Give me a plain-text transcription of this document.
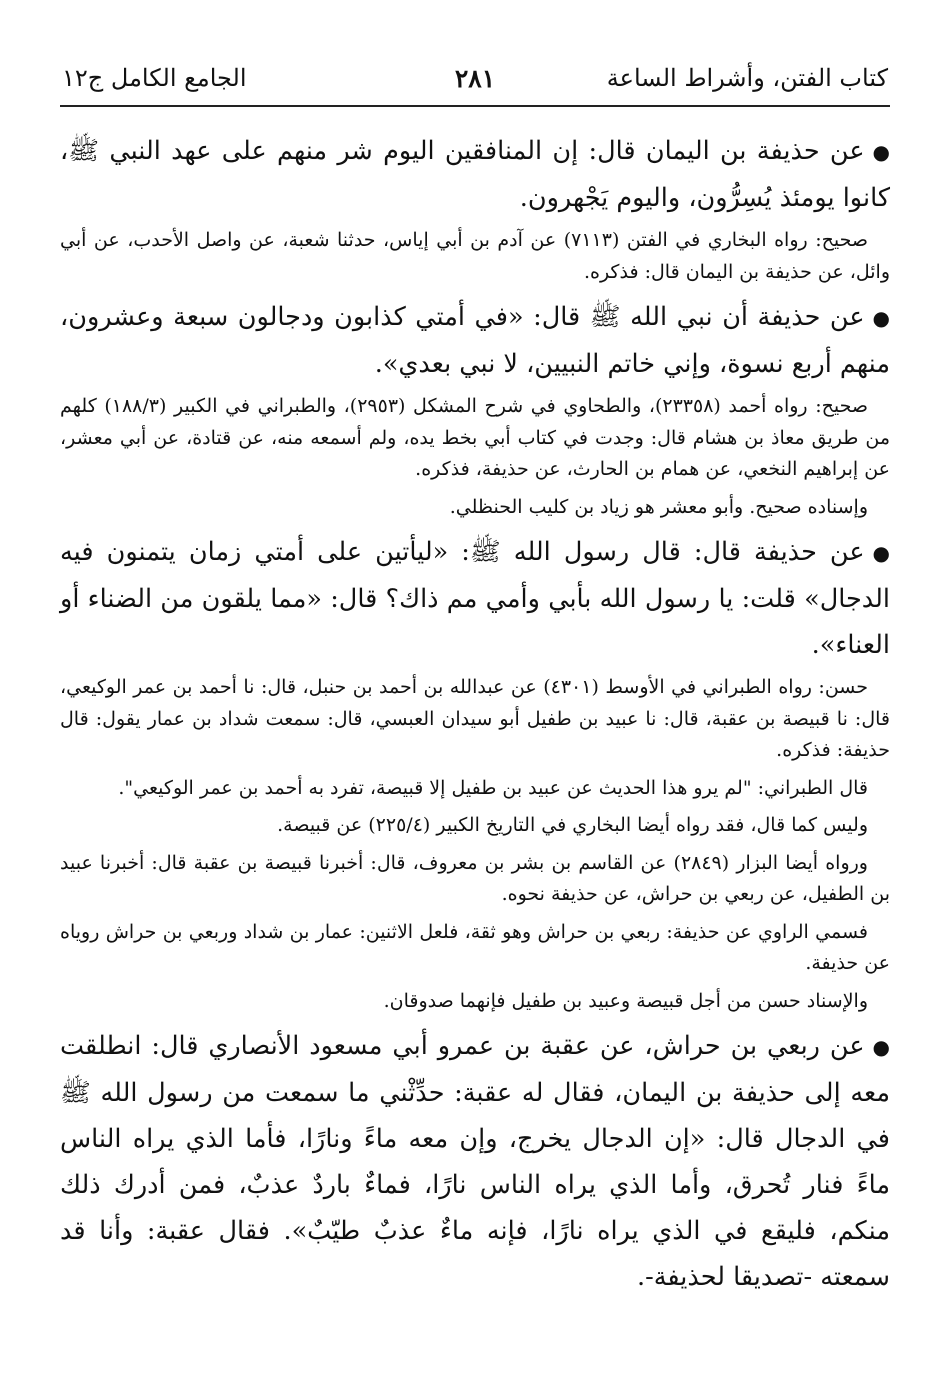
كتاب الفتن، وأشراط الساعة
٢٨١
الجامع الكامل ج١٢

●عن حذيفة بن اليمان قال: إن المنافقين اليوم شر منهم على عهد النبي ﷺ، كانوا يومئذ يُسِرُّون، واليوم يَجْهرون.

صحيح: رواه البخاري في الفتن (٧١١٣) عن آدم بن أبي إياس، حدثنا شعبة، عن واصل الأحدب، عن أبي وائل، عن حذيفة بن اليمان قال: فذكره.

●عن حذيفة أن نبي الله ﷺ قال: «في أمتي كذابون ودجالون سبعة وعشرون، منهم أربع نسوة، وإني خاتم النبيين، لا نبي بعدي».

صحيح: رواه أحمد (٢٣٣٥٨)، والطحاوي في شرح المشكل (٢٩٥٣)، والطبراني في الكبير (١٨٨/٣) كلهم من طريق معاذ بن هشام قال: وجدت في كتاب أبي بخط يده، ولم أسمعه منه، عن قتادة، عن أبي معشر، عن إبراهيم النخعي، عن همام بن الحارث، عن حذيفة، فذكره.

وإسناده صحيح. وأبو معشر هو زياد بن كليب الحنظلي.

●عن حذيفة قال: قال رسول الله ﷺ: «ليأتين على أمتي زمان يتمنون فيه الدجال» قلت: يا رسول الله بأبي وأمي مم ذاك؟ قال: «مما يلقون من الضناء أو العناء».

حسن: رواه الطبراني في الأوسط (٤٣٠١) عن عبدالله بن أحمد بن حنبل، قال: نا أحمد بن عمر الوكيعي، قال: نا قبيصة بن عقبة، قال: نا عبيد بن طفيل أبو سيدان العبسي، قال: سمعت شداد بن عمار يقول: قال حذيفة: فذكره.

قال الطبراني: "لم يرو هذا الحديث عن عبيد بن طفيل إلا قبيصة، تفرد به أحمد بن عمر الوكيعي".

وليس كما قال، فقد رواه أيضا البخاري في التاريخ الكبير (٢٢٥/٤) عن قبيصة.

ورواه أيضا البزار (٢٨٤٩) عن القاسم بن بشر بن معروف، قال: أخبرنا قبيصة بن عقبة قال: أخبرنا عبيد بن الطفيل، عن ربعي بن حراش، عن حذيفة نحوه.

فسمي الراوي عن حذيفة: ربعي بن حراش وهو ثقة، فلعل الاثنين: عمار بن شداد وربعي بن حراش روياه عن حذيفة.

والإسناد حسن من أجل قبيصة وعبيد بن طفيل فإنهما صدوقان.

●عن ربعي بن حراش، عن عقبة بن عمرو أبي مسعود الأنصاري قال: انطلقت معه إلى حذيفة بن اليمان، فقال له عقبة: حدِّثْني ما سمعت من رسول الله ﷺ في الدجال قال: «إن الدجال يخرج، وإن معه ماءً ونارًا، فأما الذي يراه الناس ماءً فنار تُحرق، وأما الذي يراه الناس نارًا، فماءٌ باردٌ عذبٌ، فمن أدرك ذلك منكم، فليقع في الذي يراه نارًا، فإنه ماءٌ عذبٌ طيّبٌ». فقال عقبة: وأنا قد سمعته -تصديقا لحذيفة-.
